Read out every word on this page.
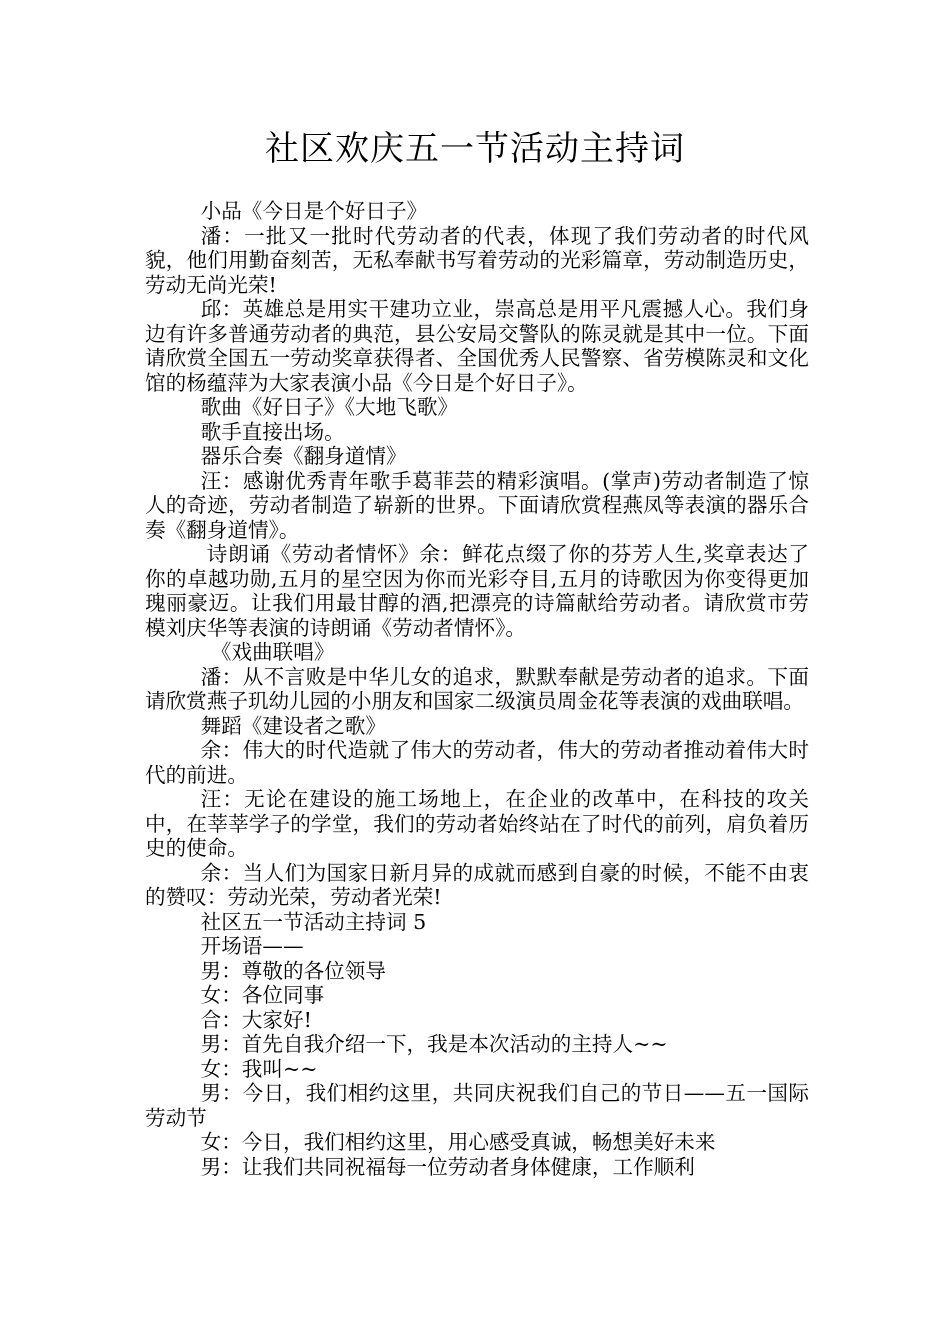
社区欢庆五一节活动主持词

小品《今日是个好日子》

潘：一批又一批时代劳动者的代表，体现了我们劳动者的时代风貌，他们用勤奋刻苦，无私奉献书写着劳动的光彩篇章，劳动制造历史，劳动无尚光荣!

邱：英雄总是用实干建功立业，崇高总是用平凡震撼人心。我们身边有许多普通劳动者的典范，县公安局交警队的陈灵就是其中一位。下面请欣赏全国五一劳动奖章获得者、全国优秀人民警察、省劳模陈灵和文化馆的杨蕴萍为大家表演小品《今日是个好日子》。

歌曲《好日子》《大地飞歌》

歌手直接出场。

器乐合奏《翻身道情》

汪：感谢优秀青年歌手葛菲芸的精彩演唱。(掌声)劳动者制造了惊人的奇迹，劳动者制造了崭新的世界。下面请欣赏程燕凤等表演的器乐合奏《翻身道情》。

诗朗诵《劳动者情怀》余：鲜花点缀了你的芬芳人生,奖章表达了你的卓越功勋,五月的星空因为你而光彩夺目,五月的诗歌因为你变得更加瑰丽豪迈。让我们用最甘醇的酒,把漂亮的诗篇献给劳动者。请欣赏市劳模刘庆华等表演的诗朗诵《劳动者情怀》。

《戏曲联唱》

潘：从不言败是中华儿女的追求，默默奉献是劳动者的追求。下面请欣赏燕子玑幼儿园的小朋友和国家二级演员周金花等表演的戏曲联唱。

舞蹈《建设者之歌》

余：伟大的时代造就了伟大的劳动者，伟大的劳动者推动着伟大时代的前进。

汪：无论在建设的施工场地上，在企业的改革中，在科技的攻关中，在莘莘学子的学堂，我们的劳动者始终站在了时代的前列，肩负着历史的使命。

余：当人们为国家日新月异的成就而感到自豪的时候，不能不由衷的赞叹：劳动光荣，劳动者光荣!

社区五一节活动主持词 5

开场语——

男：尊敬的各位领导

女：各位同事

合：大家好!

男：首先自我介绍一下，我是本次活动的主持人~~

女：我叫~~

男：今日，我们相约这里，共同庆祝我们自己的节日——五一国际劳动节

女：今日，我们相约这里，用心感受真诚，畅想美好未来

男：让我们共同祝福每一位劳动者身体健康，工作顺利
